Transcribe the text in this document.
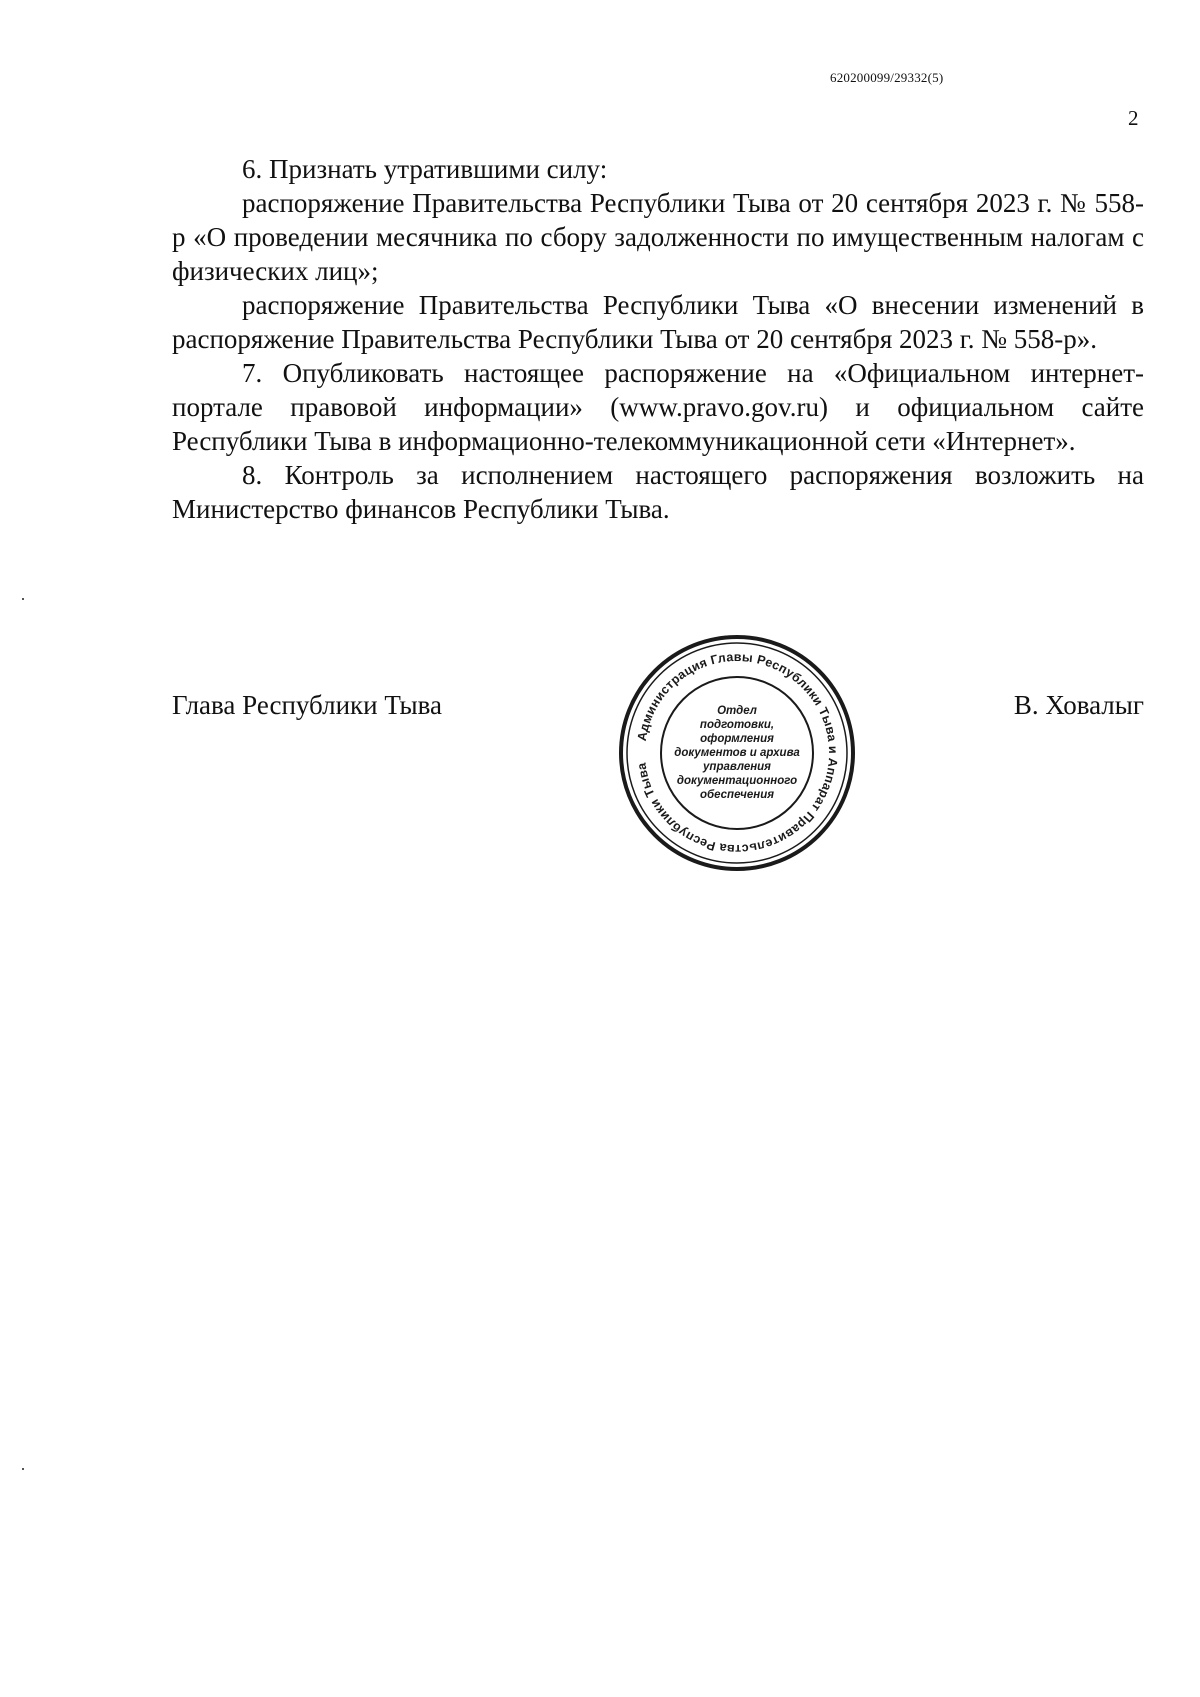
620200099/29332(5)
2

6. Признать утратившими силу:

распоряжение Правительства Республики Тыва от 20 сентября 2023 г. № 558-р «О проведении месячника по сбору задолженности по имущественным налогам с физических лиц»;

распоряжение Правительства Республики Тыва «О внесении изменений в распоряжение Правительства Республики Тыва от 20 сентября 2023 г. № 558-р».

7. Опубликовать настоящее распоряжение на «Официальном интернет-портале правовой информации» (www.pravo.gov.ru) и официальном сайте Республики Тыва в информационно-телекоммуникационной сети «Интернет».

8. Контроль за исполнением настоящего распоряжения возложить на Министерство финансов Республики Тыва.

Глава Республики Тыва	В. Ховалыг
Администрация Главы Республики Тыва и Аппарат Правительства Республики Тыва
Отдел
подготовки,
оформления
документов и архива
управления
документационного
обеспечения
